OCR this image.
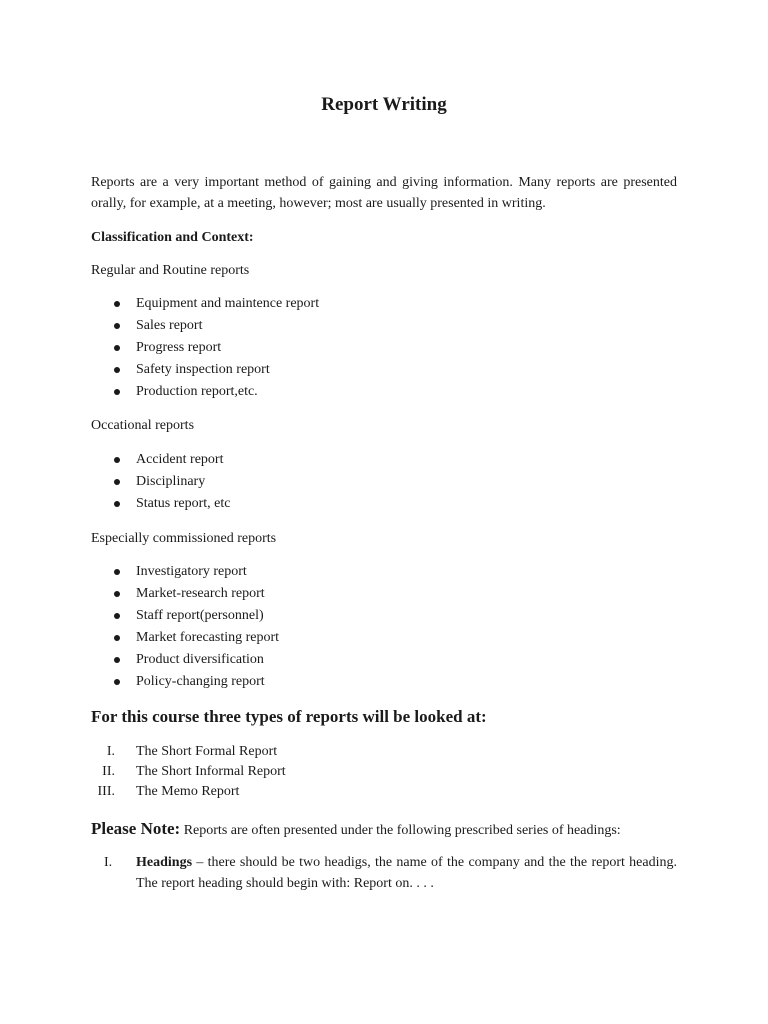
Report Writing
Reports are a very important method of gaining and giving information. Many reports are presented orally, for example, at a meeting, however; most are usually presented in writing.
Classification and Context:
Regular and Routine reports
Equipment and maintence report
Sales report
Progress report
Safety inspection report
Production report,etc.
Occational reports
Accident report
Disciplinary
Status report, etc
Especially commissioned reports
Investigatory report
Market-research report
Staff report(personnel)
Market forecasting report
Product diversification
Policy-changing report
For this course three types of reports will be looked at:
I. The Short Formal Report
II. The Short Informal Report
III. The Memo Report
Please Note: Reports are often presented under the following prescribed series of headings:
I. Headings – there should be two headigs, the name of the company and the the report heading. The report heading should begin with: Report on. . . .
